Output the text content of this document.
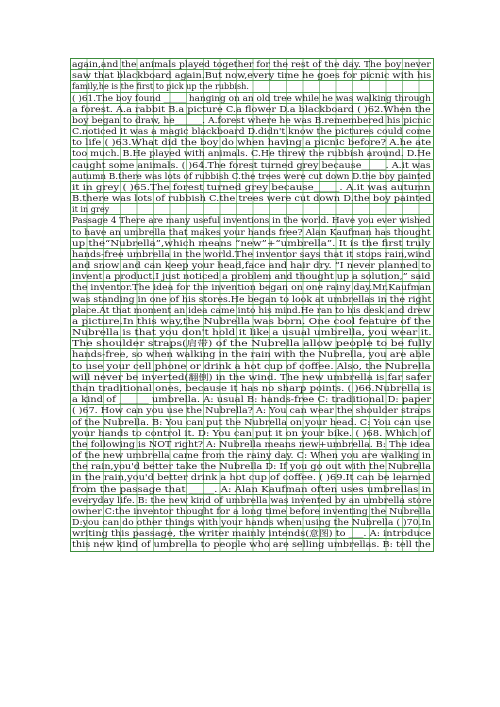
again,and the animals played together for the rest of the day. The boy never
saw that blackboard again.But now,every time he goes for picnic with his
family,he is the first to pick up the rubbish.
( )61.The boy found _____ hanging on an old tree while he was walking through
a forest. A.a rabbit B.a picture C.a flower D.a blackboard ( )62.When the
boy began to draw, he______. A.forest where he was B.remembered his picnic
C.noticed it was a magic blackboard D.didn't know the pictures could come
to life ( )63.What did the boy do when having a picnic before? A.he ate
too much. B.He played with animals. C.He threw the rubbish around. D.He
caught some animals. ( )64.The forest turned grey because_____. A.it was
autumn B.there was lots of rubbish C.the trees were cut down D.the boy painted
it in grey ( )65.The forest turned grey because_____. A.it was autumn
B.there was lots of rubbish C.the trees were cut down D.the boy painted
it in grey
Passage 4 There are many useful inventions in the world. Have you ever wished
to have an umbrella that makes your hands free? Alan Kaufman has thought
up the“Nubrella”,which means “new”+“umbrella”. It is the first truly
hands-free umbrella in the world.The inventor says that it stops rain,wind
and snow and can keep your head,face and hair dry. “I never planned to
invent a product.I just noticed a problem and thought up a solution,” said
the inventor.The idea for the invention began on one rainy day.Mr.Kaufman
was standing in one of his stores.He began to look at umbrellas in the right
place.At that moment an idea came into his mind.He ran to his desk and drew
a picture.In this way,the Nubrella was born. One cool feature of the
Nubrella is that you don't hold it like a usual umbrella, you wear it.
The shoulder straps(肩带) of the Nubrella allow people to be fully
hands-free, so when walking in the rain with the Nubrella, you are able
to use your cell phone or drink a hot cup of coffee. Also, the Nubrella
will never be inverted(翻倒) in the wind. The new umbrella is far safer
than traditional ones, because it has no sharp points. ( )66.Nubrella is
a kind of ______ umbrella. A: usual B: hands-free C: traditional D: paper
( )67. How can you use the Nubrella? A: You can wear the shoulder straps
of the Nubrella. B: You can put the Nubrella on your head. C: You can use
your hands to control it. D: You can put it on your bike. ( )68. Which of
the following is NOT right? A: Nubrella means new+umbrella. B: The idea
of the new umbrella came from the rainy day. C: When you are walking in
the rain,you'd better take the Nubrella D: If you go out with the Nubrella
in the rain,you'd better drink a hot cup of coffee. ( )69.It can be learned
from the passage that _____. A: Alan Kaufman often uses umbrellas in
everyday life. B: the new kind of umbrella was invented by an umbrella store
owner C:the inventor thought for a long time before inventing the Nubrella
D:you can do other things with your hands when using the Nubrella ( )70.In
writing this passage, the writer mainly intends(意图) to ___. A: introduce
this new kind of umbrella to people who are selling umbrellas. B: tell the
